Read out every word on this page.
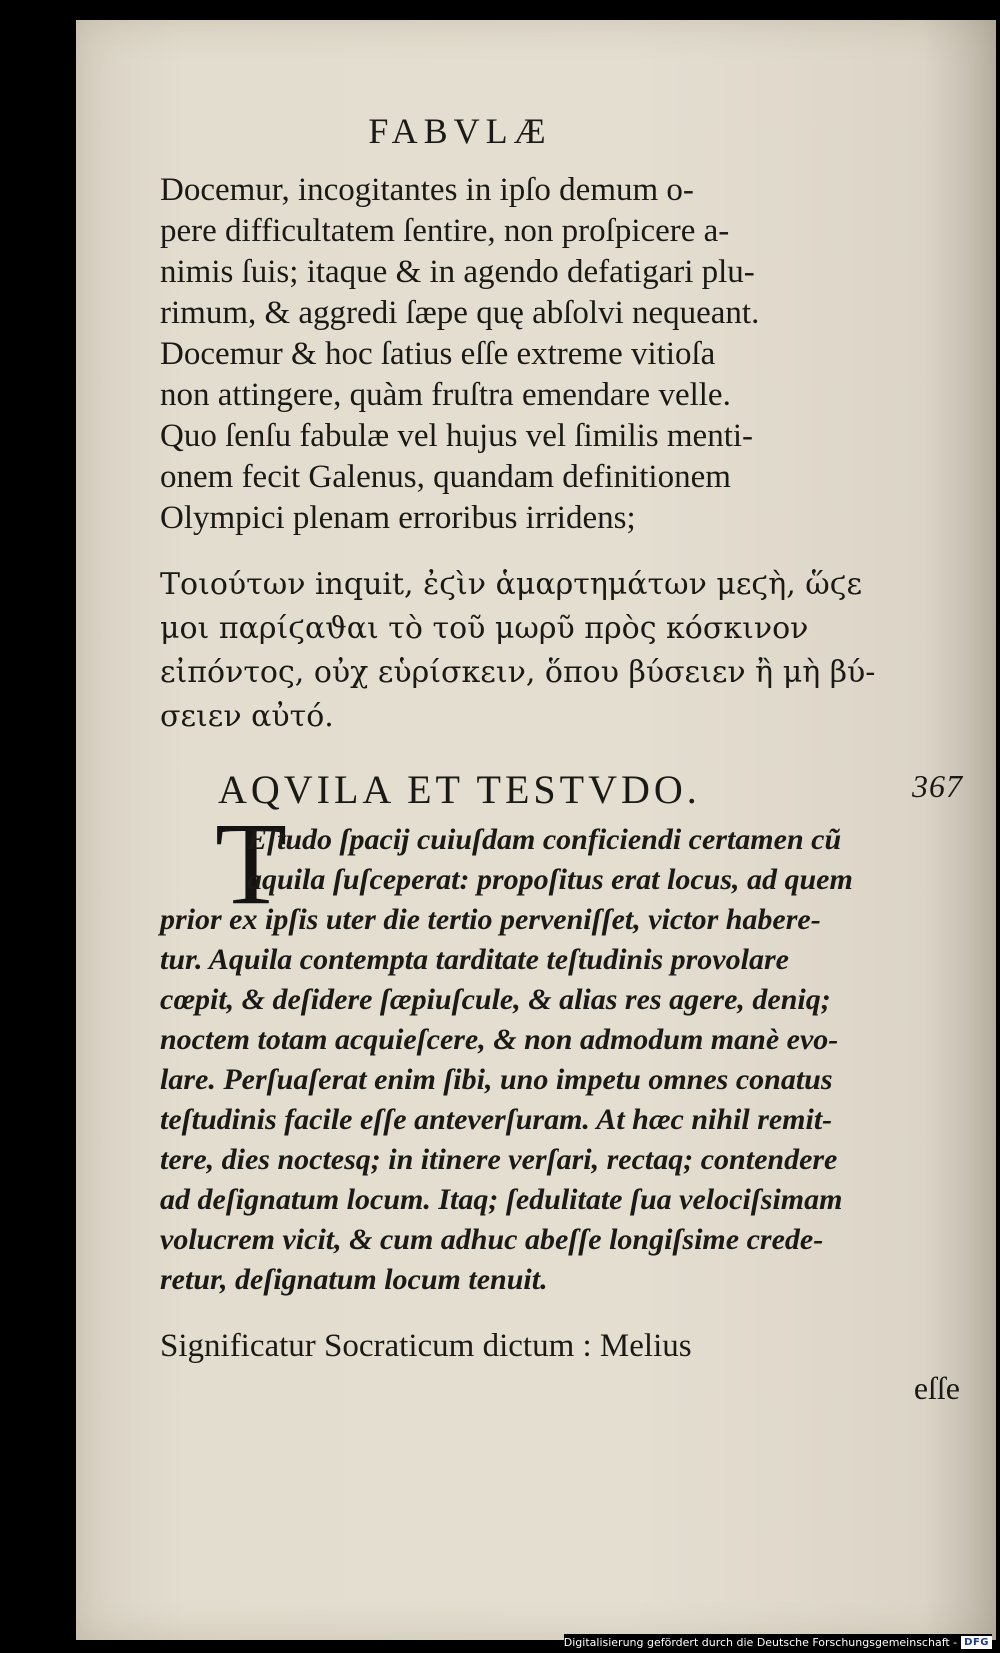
FABVLÆ
Docemur, incogitantes in ipſo demum o-
pere difficultatem ſentire, non proſpicere a-
nimis ſuis; itaque & in agendo defatigari plu-
rimum, & aggredi ſæpe quę abſolvi nequeant.
Docemur & hoc ſatius eſſe extreme vitioſa
non attingere, quàm fruſtra emendare velle.
Quo ſenſu fabulæ vel hujus vel ſimilis menti-
onem fecit Galenus, quandam definitionem
Olympici plenam erroribus irridens;
Τοιούτων inquit, ἐϛὶν ἁμαρτημάτων μεϛὴ, ὥϛε
μοι παρίϛαϑαι τὸ τοῦ μωρῦ πρὸς κόσκινον
εἰπόντος, οὐχ εὑρίσκειν, ὅπου βύσειεν ἢ μὴ βύ-
σειεν αὐτό.
AQVILA ET TESTVDO.	367
T
Eſtudo ſpacij cuiuſdam conficiendi certamen cũ
aquila ſuſceperat: propoſitus erat locus, ad quem
prior ex ipſis uter die tertio perveniſſet, victor habere-
tur. Aquila contempta tarditate teſtudinis provolare
cœpit, & deſidere ſæpiuſcule, & alias res agere, deniq;
noctem totam acquieſcere, & non admodum manè evo-
lare. Perſuaſerat enim ſibi, uno impetu omnes conatus
teſtudinis facile eſſe anteverſuram. At hæc nihil remit-
tere, dies noctesq; in itinere verſari, rectaq; contendere
ad deſignatum locum. Itaq; ſedulitate ſua velociſsimam
volucrem vicit, & cum adhuc abeſſe longiſsime crede-
retur, deſignatum locum tenuit.
Significatur Socraticum dictum : Melius
eſſe
Digitalisierung gefördert durch die Deutsche Forschungsgemeinschaft - DFG
